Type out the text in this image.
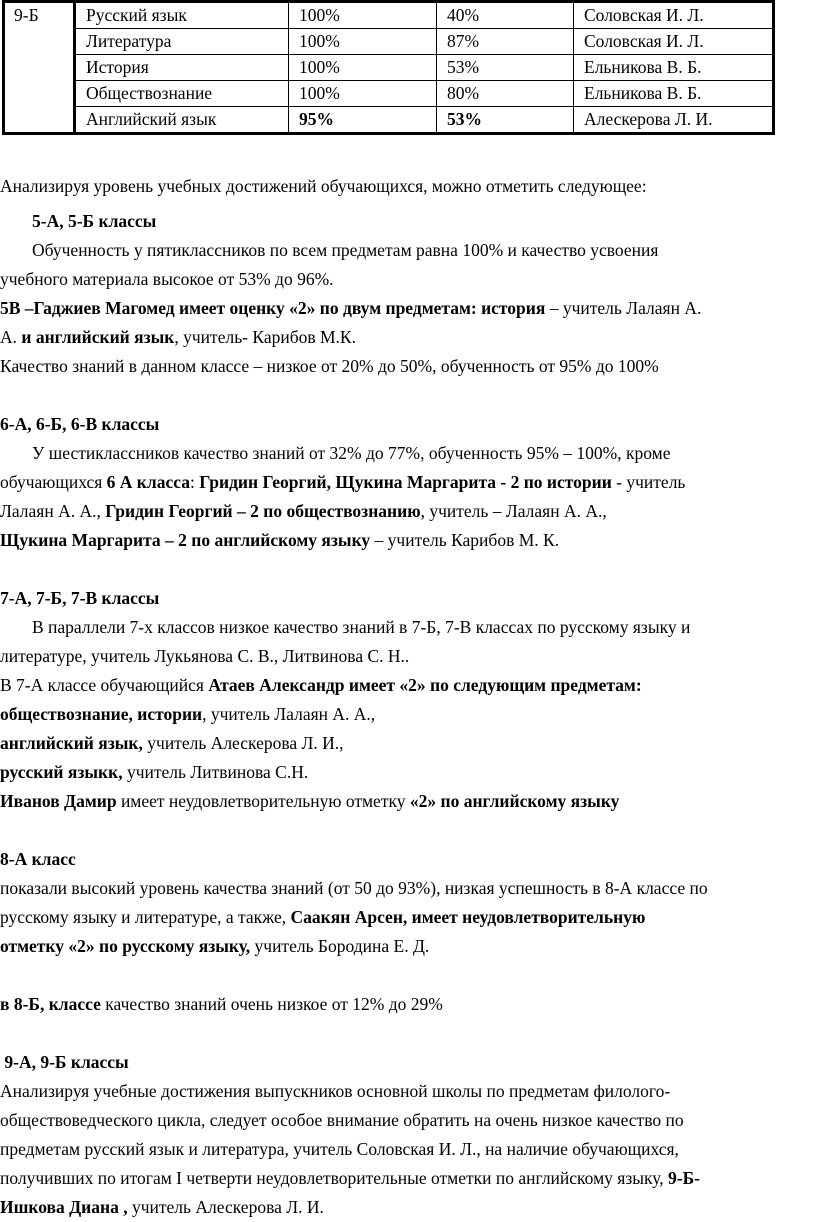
9-Б	Русский язык	100%	40%	Соловская И. Л.
	Литература	100%	87%	Соловская И. Л.
	История	100%	53%	Ельникова В. Б.
	Обществознание	100%	80%	Ельникова В. Б.
	Английский язык	95%	53%	Алескерова Л. И.

Анализируя уровень учебных достижений обучающихся, можно отметить следующее:

5-А, 5-Б классы

Обученность у пятиклассников по всем предметам равна 100% и качество усвоения

учебного материала высокое от 53% до 96%.

5В –Гаджиев Магомед имеет оценку «2» по двум предметам: история – учитель Лалаян А.

А. и английский язык, учитель- Карибов М.К.

Качество знаний в данном классе – низкое от 20% до 50%, обученность от 95% до 100%

6-А, 6-Б, 6-В классы

У шестиклассников качество знаний от 32% до 77%, обученность 95% – 100%, кроме

обучающихся 6 А класса: Гридин Георгий, Щукина Маргарита - 2 по истории - учитель

Лалаян А. А., Гридин Георгий – 2 по обществознанию, учитель – Лалаян А. А.,

Щукина Маргарита – 2 по английскому языку – учитель Карибов М. К.

7-А, 7-Б, 7-В классы

В параллели 7-х классов низкое качество знаний в 7-Б, 7-В классах по русскому языку и

литературе, учитель Лукьянова С. В., Литвинова С. Н..

В 7-А классе обучающийся Атаев Александр имеет «2» по следующим предметам:

обществознание, истории, учитель Лалаян А. А.,

английский язык, учитель Алескерова Л. И.,

русский языкк, учитель Литвинова С.Н.

Иванов Дамир имеет неудовлетворительную отметку «2» по английскому языку

8-А класс

показали высокий уровень качества знаний (от 50 до 93%), низкая успешность в 8-А классе по

русскому языку и литературе, а также, Саакян Арсен, имеет неудовлетворительную

отметку «2» по русскому языку, учитель Бородина Е. Д.

в 8-Б, классе качество знаний очень низкое от 12% до 29%

9-А, 9-Б классы

Анализируя учебные достижения выпускников основной школы по предметам филолого-

обществоведческого цикла, следует особое внимание обратить на очень низкое качество по

предметам русский язык и литература, учитель Соловская И. Л., на наличие обучающихся,

получивших по итогам I четверти неудовлетворительные отметки по английскому языку, 9-Б-

Ишкова Диана , учитель Алескерова Л. И.
